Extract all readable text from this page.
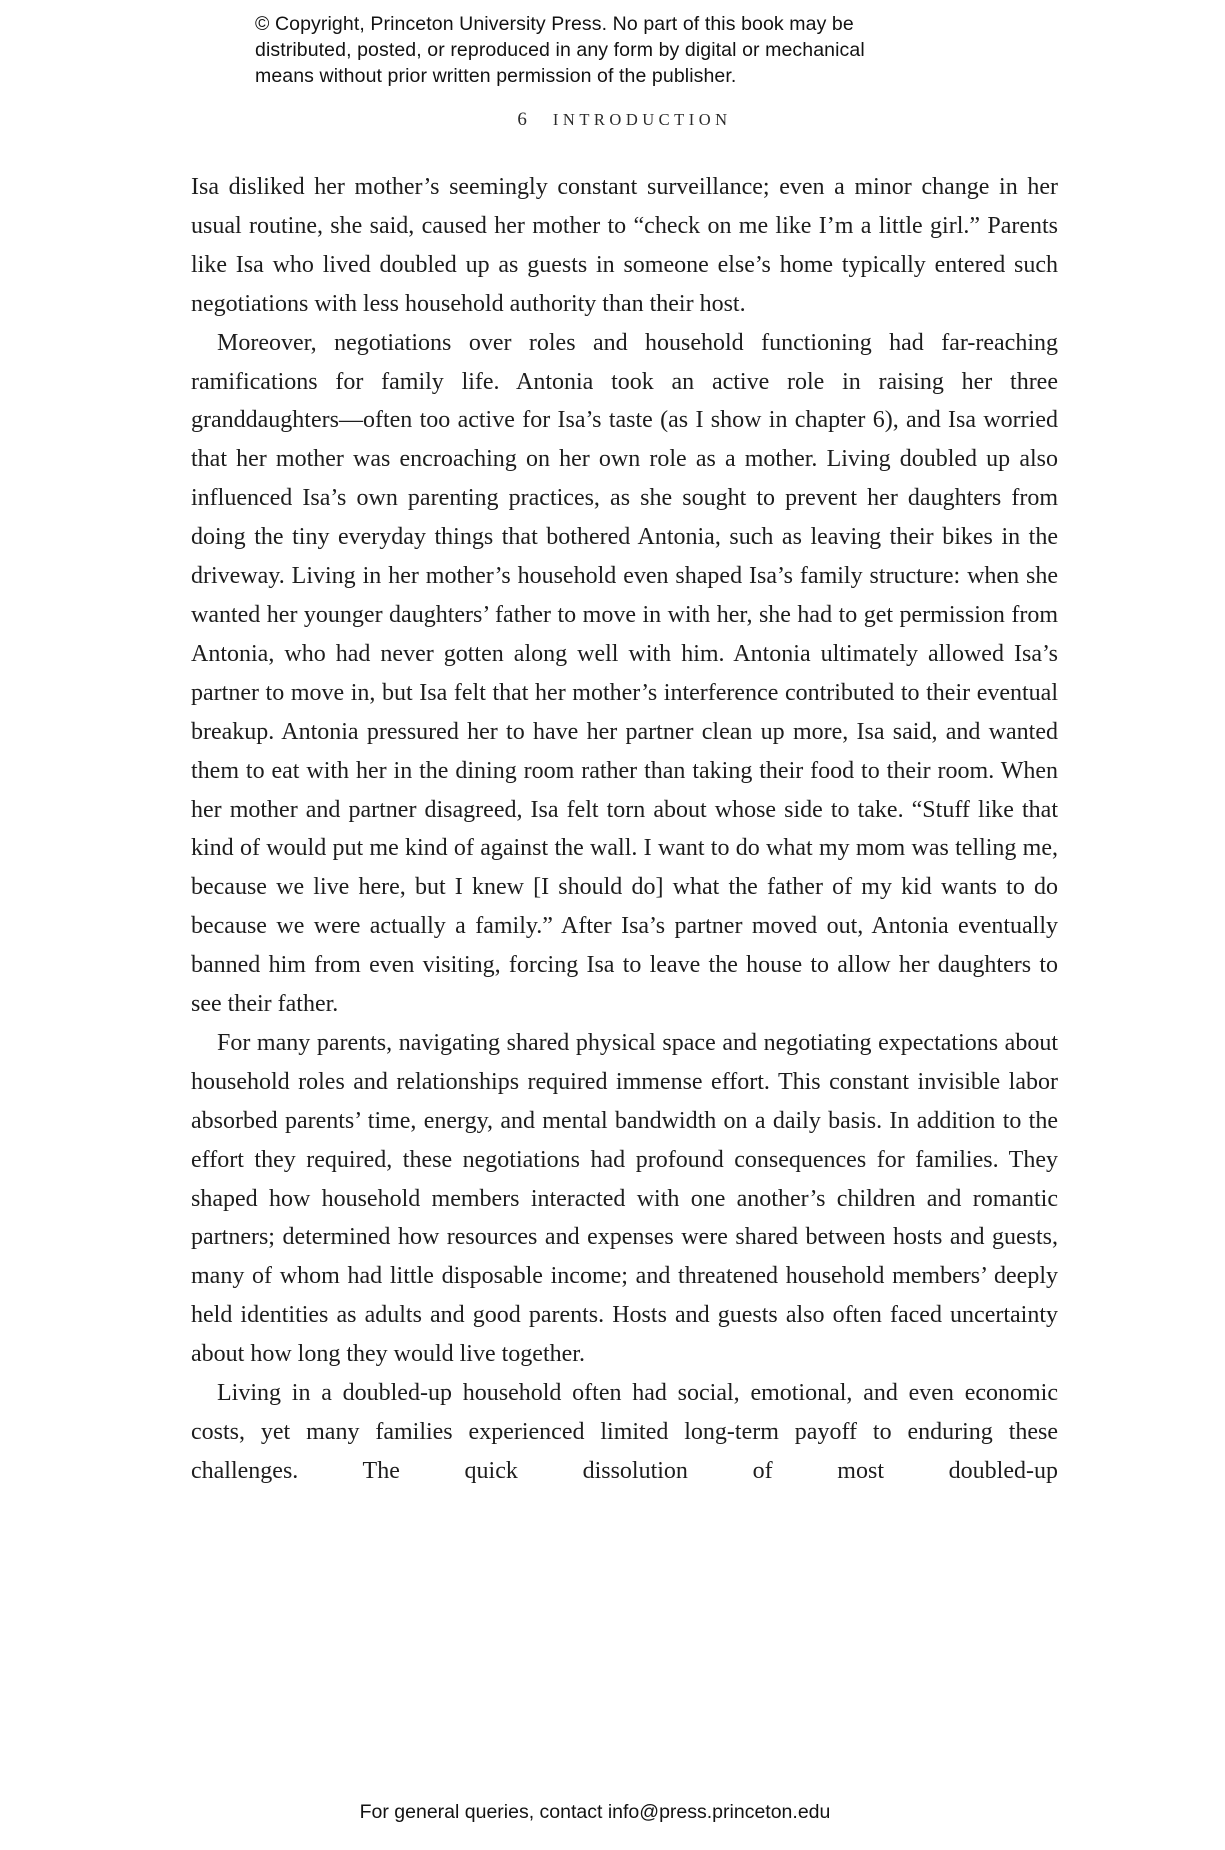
© Copyright, Princeton University Press. No part of this book may be
distributed, posted, or reproduced in any form by digital or mechanical
means without prior written permission of the publisher.
6 INTRODUCTION

Isa disliked her mother’s seemingly constant surveillance; even a minor change in her usual routine, she said, caused her mother to “check on me like I’m a little girl.” Parents like Isa who lived doubled up as guests in someone else’s home typically entered such negotiations with less household authority than their host.

Moreover, negotiations over roles and household functioning had far-reaching ramifications for family life. Antonia took an active role in raising her three granddaughters—often too active for Isa’s taste (as I show in chapter 6), and Isa worried that her mother was encroaching on her own role as a mother. Living doubled up also influenced Isa’s own parenting practices, as she sought to prevent her daughters from doing the tiny everyday things that bothered Antonia, such as leaving their bikes in the driveway. Living in her mother’s household even shaped Isa’s family structure: when she wanted her younger daughters’ father to move in with her, she had to get permission from Antonia, who had never gotten along well with him. Antonia ultimately allowed Isa’s partner to move in, but Isa felt that her mother’s interference contributed to their eventual breakup. Antonia pressured her to have her partner clean up more, Isa said, and wanted them to eat with her in the dining room rather than taking their food to their room. When her mother and partner disagreed, Isa felt torn about whose side to take. “Stuff like that kind of would put me kind of against the wall. I want to do what my mom was telling me, because we live here, but I knew [I should do] what the father of my kid wants to do because we were actually a family.” After Isa’s partner moved out, Antonia eventually banned him from even visiting, forcing Isa to leave the house to allow her daughters to see their father.

For many parents, navigating shared physical space and negotiating expectations about household roles and relationships required immense effort. This constant invisible labor absorbed parents’ time, energy, and mental bandwidth on a daily basis. In addition to the effort they required, these negotiations had profound consequences for families. They shaped how household members interacted with one another’s children and romantic partners; determined how resources and expenses were shared between hosts and guests, many of whom had little disposable income; and threatened household members’ deeply held identities as adults and good parents. Hosts and guests also often faced uncertainty about how long they would live together.

Living in a doubled-up household often had social, emotional, and even economic costs, yet many families experienced limited long-term payoff to enduring these challenges. The quick dissolution of most doubled-up

For general queries, contact info@press.princeton.edu
